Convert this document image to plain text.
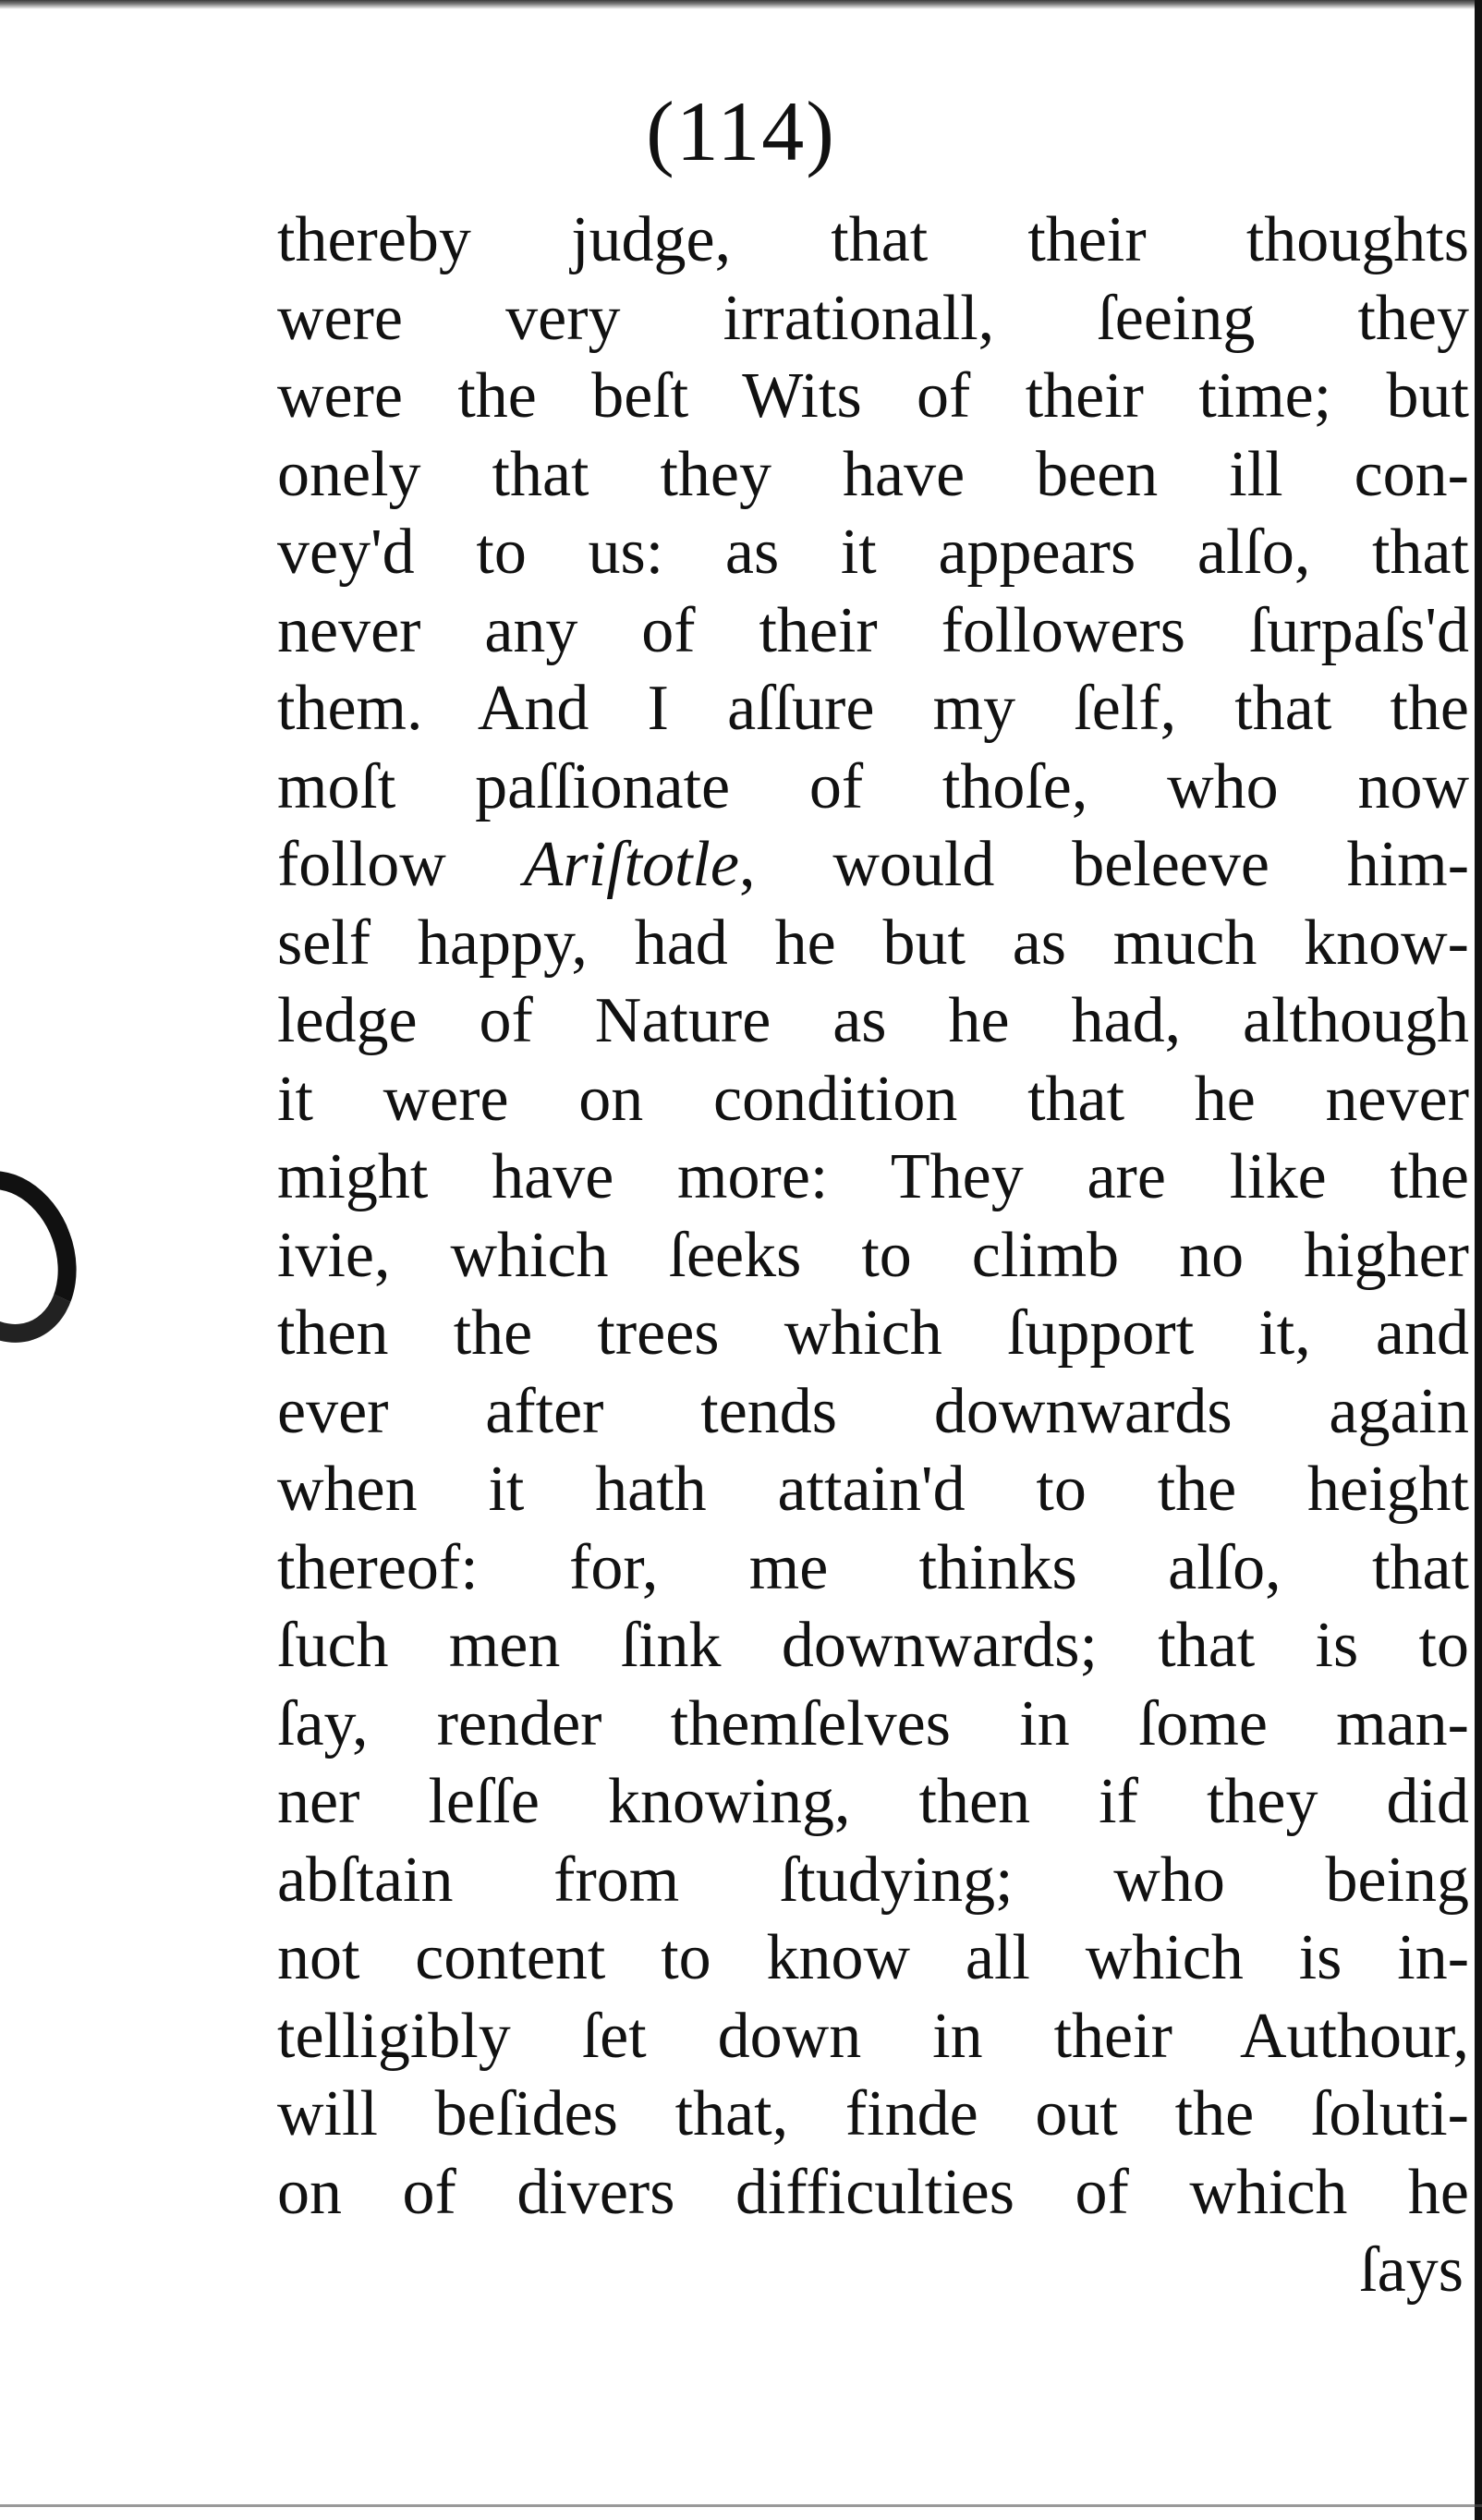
(114)
thereby judge, that their thoughts
were very irrationall, ſeeing they
were the beſt Wits of their time; but
onely that they have been ill con-
vey'd to us: as it appears alſo, that
never any of their followers ſurpaſs'd
them. And I aſſure my ſelf, that the
moſt paſſionate of thoſe, who now
follow Ariſtotle, would beleeve him-
self happy, had he but as much know-
ledge of Nature as he had, although
it were on condition that he never
might have more: They are like the
ivie, which ſeeks to climb no higher
then the trees which ſupport it, and
ever after tends downwards again
when it hath attain'd to the height
thereof: for, me thinks alſo, that
ſuch men ſink downwards; that is to
ſay, render themſelves in ſome man-
ner leſſe knowing, then if they did
abſtain from ſtudying; who being
not content to know all which is in-
telligibly ſet down in their Authour,
will beſides that, finde out the ſoluti-
on of divers difficulties of which he
ſays
